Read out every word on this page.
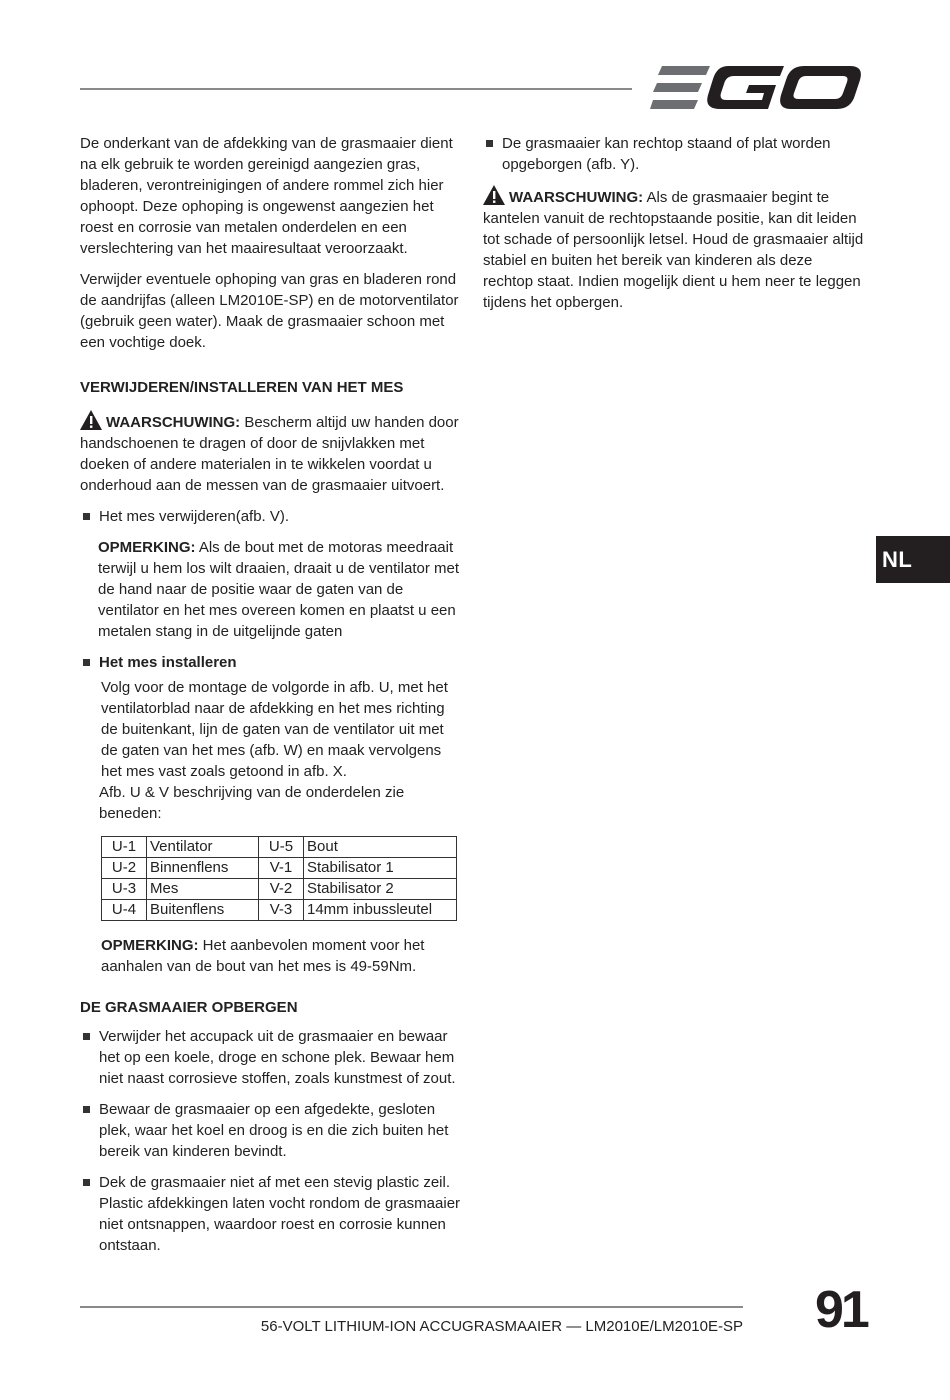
NL

De onderkant van de afdekking van de grasmaaier dient na elk gebruik te worden gereinigd aangezien gras, bladeren, verontreinigingen of andere rommel zich hier ophoopt. Deze ophoping is ongewenst aangezien het roest en corrosie van metalen onderdelen en een verslechtering van het maairesultaat veroorzaakt.

Verwijder eventuele ophoping van gras en bladeren rond de aandrijfas (alleen LM2010E-SP) en de motorventilator (gebruik geen water). Maak de grasmaaier schoon met een vochtige doek.

VERWIJDEREN/INSTALLEREN VAN HET MES

WAARSCHUWING: Bescherm altijd uw handen door handschoenen te dragen of door de snijvlakken met doeken of andere materialen in te wikkelen voordat u onderhoud aan de messen van de grasmaaier uitvoert.

Het mes verwijderen(afb. V).

OPMERKING: Als de bout met de motoras meedraait terwijl u hem los wilt draaien, draait u de ventilator met de hand naar de positie waar de gaten van de ventilator en het mes overeen komen en plaatst u een metalen stang in de uitgelijnde gaten

Het mes installeren

Volg voor de montage de volgorde in afb. U, met het ventilatorblad naar de afdekking en het mes richting de buitenkant, lijn de gaten van de ventilator uit met de gaten van het mes (afb. W) en maak vervolgens het mes vast zoals getoond in afb. X.

Afb. U & V beschrijving van de onderdelen zie beneden:

U-1	Ventilator	U-5	Bout
U-2	Binnenflens	V-1	Stabilisator 1
U-3	Mes	V-2	Stabilisator 2
U-4	Buitenflens	V-3	14mm inbussleutel

OPMERKING: Het aanbevolen moment voor het aanhalen van de bout van het mes is 49-59Nm.

DE GRASMAAIER OPBERGEN
Verwijder het accupack uit de grasmaaier en bewaar het op een koele, droge en schone plek. Bewaar hem niet naast corrosieve stoffen, zoals kunstmest of zout.
Bewaar de grasmaaier op een afgedekte, gesloten plek, waar het koel en droog is en die zich buiten het bereik van kinderen bevindt.
Dek de grasmaaier niet af met een stevig plastic zeil. Plastic afdekkingen laten vocht rondom de grasmaaier niet ontsnappen, waardoor roest en corrosie kunnen ontstaan.
De grasmaaier kan rechtop staand of plat worden opgeborgen (afb. Y).

WAARSCHUWING: Als de grasmaaier begint te kantelen vanuit de rechtopstaande positie, kan dit leiden tot schade of persoonlijk letsel. Houd de grasmaaier altijd stabiel en buiten het bereik van kinderen als deze rechtop staat. Indien mogelijk dient u hem neer te leggen tijdens het opbergen.

56-VOLT LITHIUM-ION ACCUGRASMAAIER — LM2010E/LM2010E-SP 91
